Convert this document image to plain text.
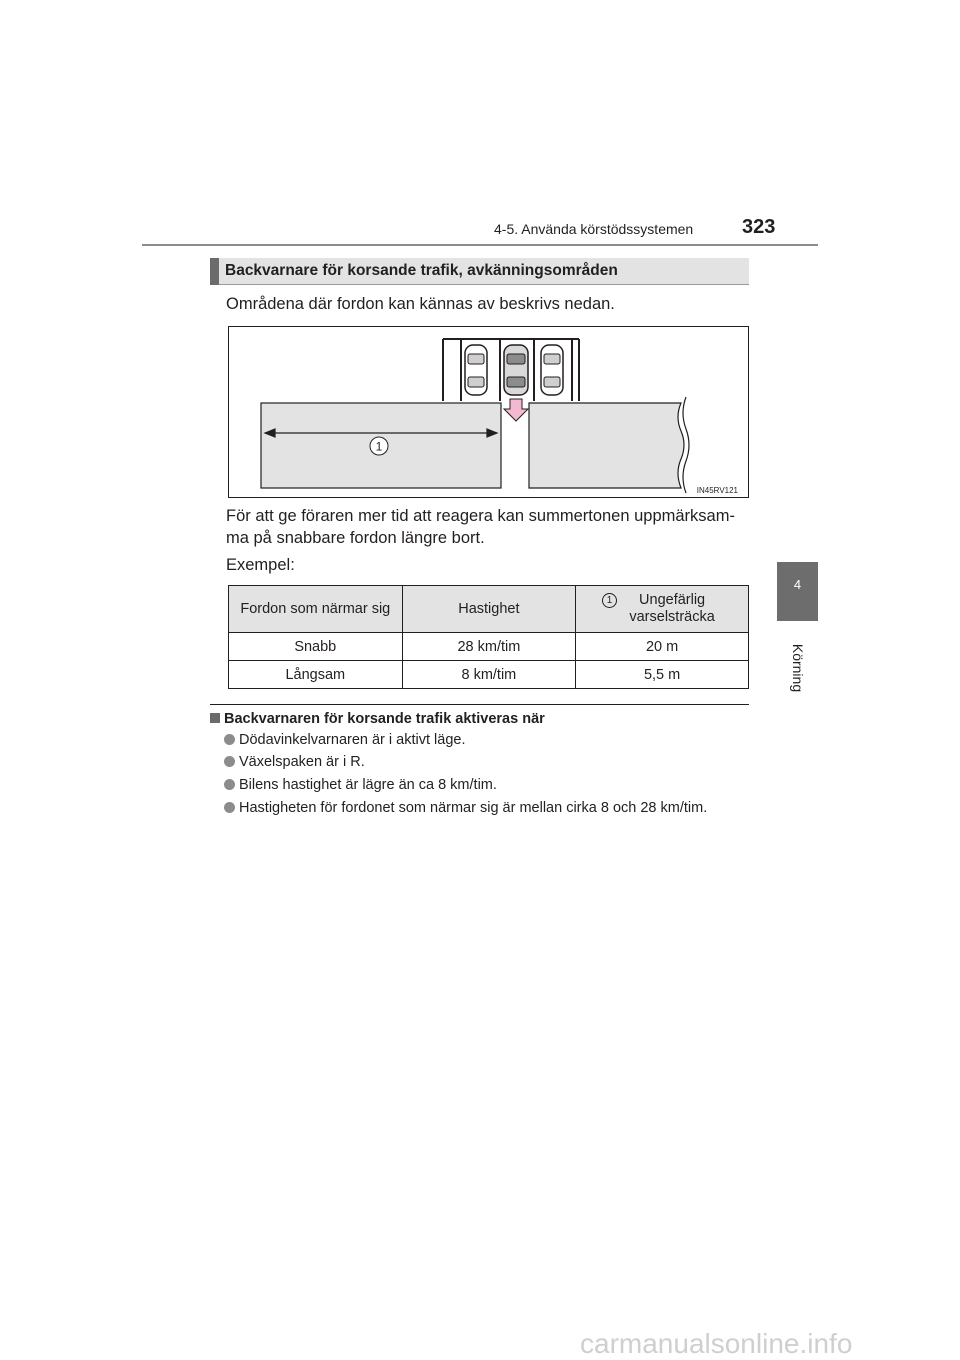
4-5. Använda körstödssystemen 323
4
Körning
Backvarnare för korsande trafik, avkänningsområden
Områdena där fordon kan kännas av beskrivs nedan.
1
IN45RV121
För att ge föraren mer tid att reagera kan summertonen uppmärksam-ma på snabbare fordon längre bort.
Exempel:
Fordon som närmar sig	Hastighet	1 Ungefärlig varselsträcka

Snabb	28 km/tim	20 m
Långsam	8 km/tim	5,5 m
Backvarnaren för korsande trafik aktiveras när
Dödavinkelvarnaren är i aktivt läge.
Växelspaken är i R.
Bilens hastighet är lägre än ca 8 km/tim.
Hastigheten för fordonet som närmar sig är mellan cirka 8 och 28 km/tim.
carmanualsonline.info
